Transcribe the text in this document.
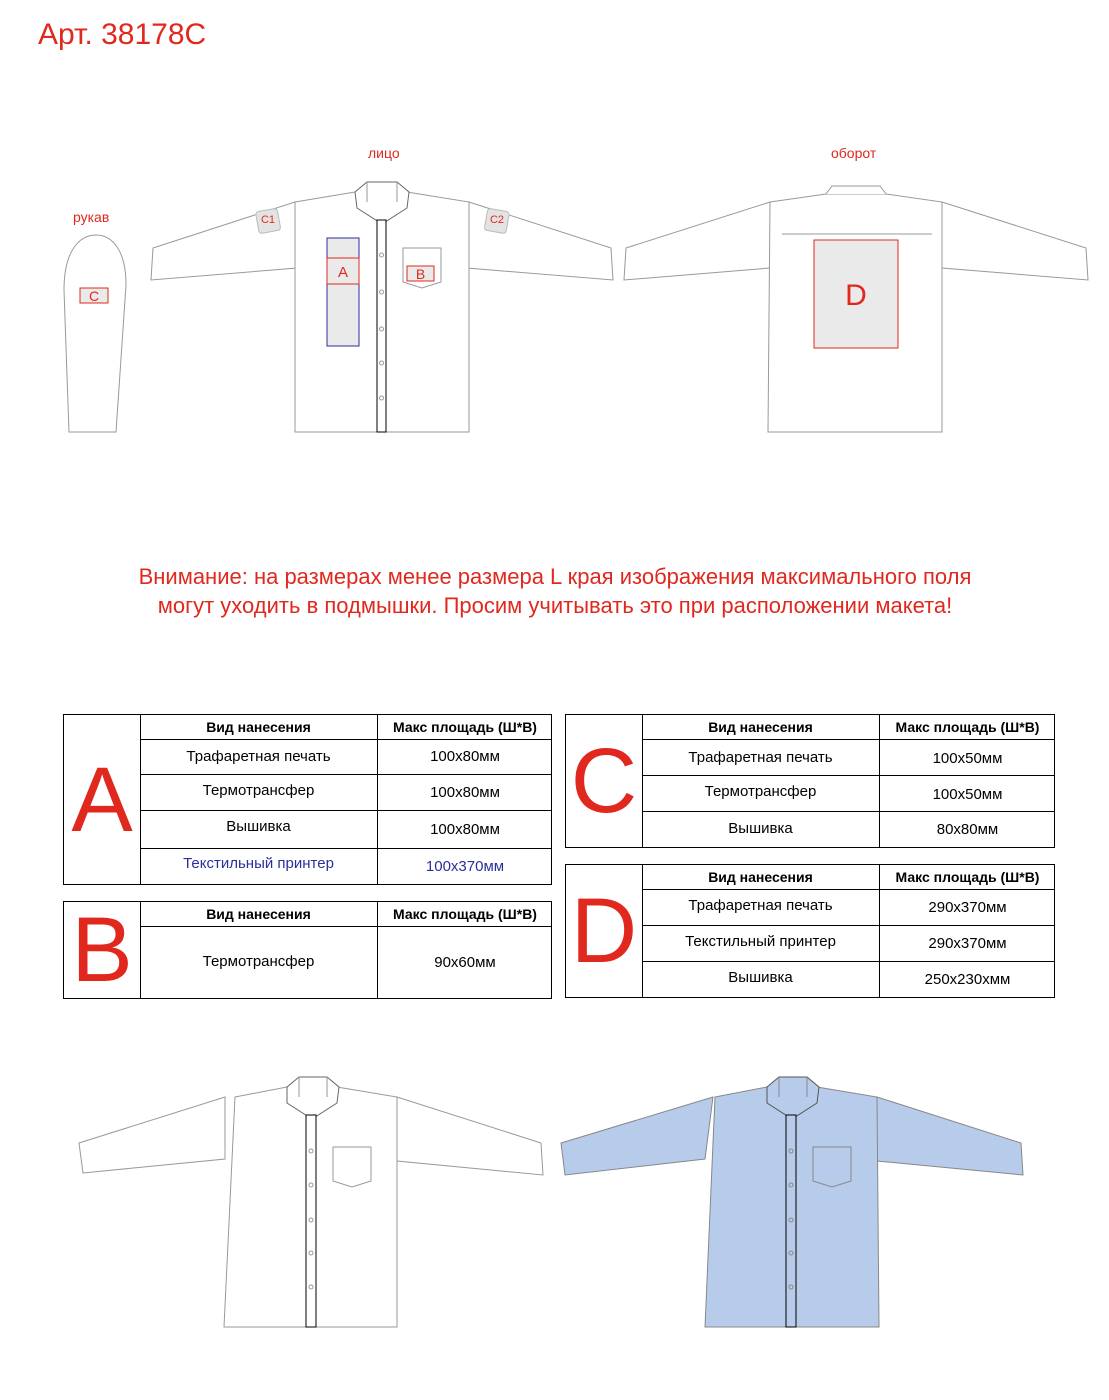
Арт. 38178C
лицо	оборот
рукав
C
A	B
C1	C2
D
Внимание: на размерах менее размера L края изображения максимального поля
могут уходить в подмышки. Просим учитывать это при расположении макета!
A
Вид нанесения	Макс площадь (Ш*В)
Трафаретная печать	100x80мм
Термотрансфер	100x80мм
Вышивка	100x80мм
Текстильный принтер	100x370мм
B	Вид нанесения	Макс площадь (Ш*В)
Термотрансфер	90x60мм
C
Вид нанесения	Макс площадь (Ш*В)
Трафаретная печать	100x50мм
Термотрансфер	100x50мм
Вышивка	80x80мм
D
Вид нанесения	Макс площадь (Ш*В)
Трафаретная печать	290x370мм
Текстильный принтер	290x370мм
Вышивка	250x230xмм
